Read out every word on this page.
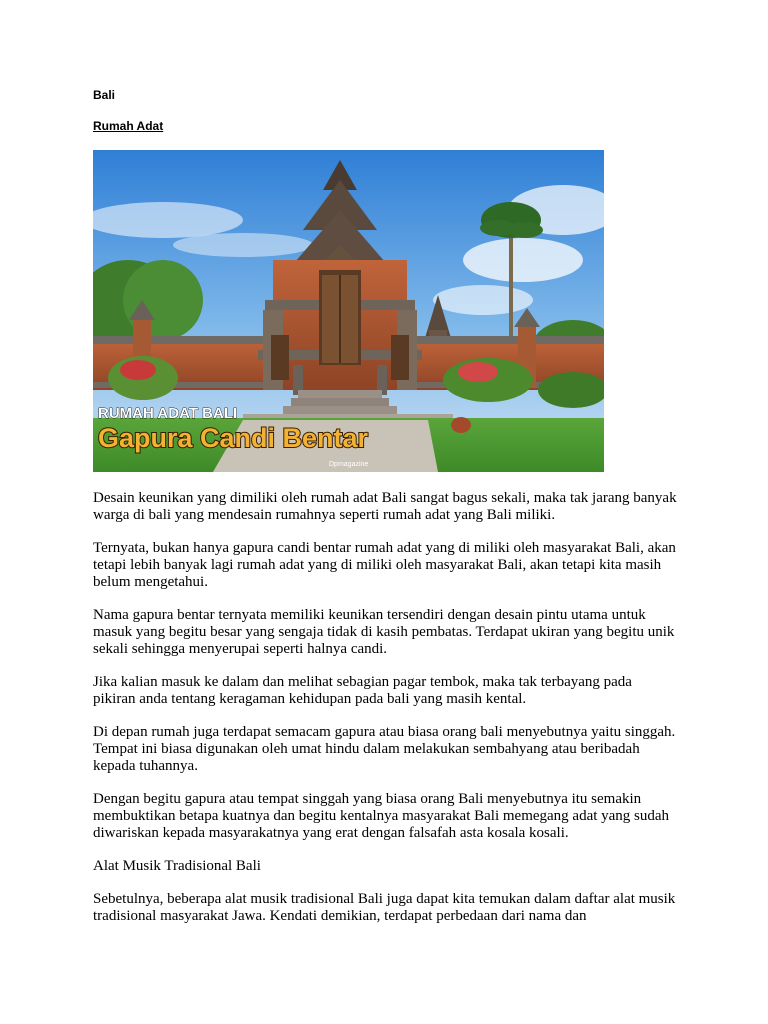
Bali
Rumah Adat
RUMAH ADAT BALI
Gapura Candi Bentar
Dpmagazine

Desain keunikan yang dimiliki oleh rumah adat Bali sangat bagus sekali, maka tak jarang banyak warga di bali yang mendesain rumahnya seperti rumah adat yang Bali miliki.

Ternyata, bukan hanya gapura candi bentar rumah adat yang di miliki oleh masyarakat Bali, akan tetapi lebih banyak lagi rumah adat yang di miliki oleh masyarakat Bali, akan tetapi kita masih belum mengetahui.

Nama gapura bentar ternyata memiliki keunikan tersendiri dengan desain pintu utama untuk masuk yang begitu besar yang sengaja tidak di kasih pembatas. Terdapat ukiran yang begitu unik sekali sehingga menyerupai seperti halnya candi.

Jika kalian masuk ke dalam dan melihat sebagian pagar tembok, maka tak terbayang pada pikiran anda tentang keragaman kehidupan pada bali yang masih kental.

Di depan rumah juga terdapat semacam gapura atau biasa orang bali menyebutnya yaitu singgah. Tempat ini biasa digunakan oleh umat hindu dalam melakukan sembahyang atau beribadah kepada tuhannya.

Dengan begitu gapura atau tempat singgah yang biasa orang Bali menyebutnya itu semakin membuktikan betapa kuatnya dan begitu kentalnya masyarakat Bali memegang adat yang sudah diwariskan kepada masyarakatnya yang erat dengan falsafah asta kosala kosali.

Alat Musik Tradisional Bali

Sebetulnya, beberapa alat musik tradisional Bali juga dapat kita temukan dalam daftar alat musik tradisional masyarakat Jawa. Kendati demikian, terdapat perbedaan dari nama dan
